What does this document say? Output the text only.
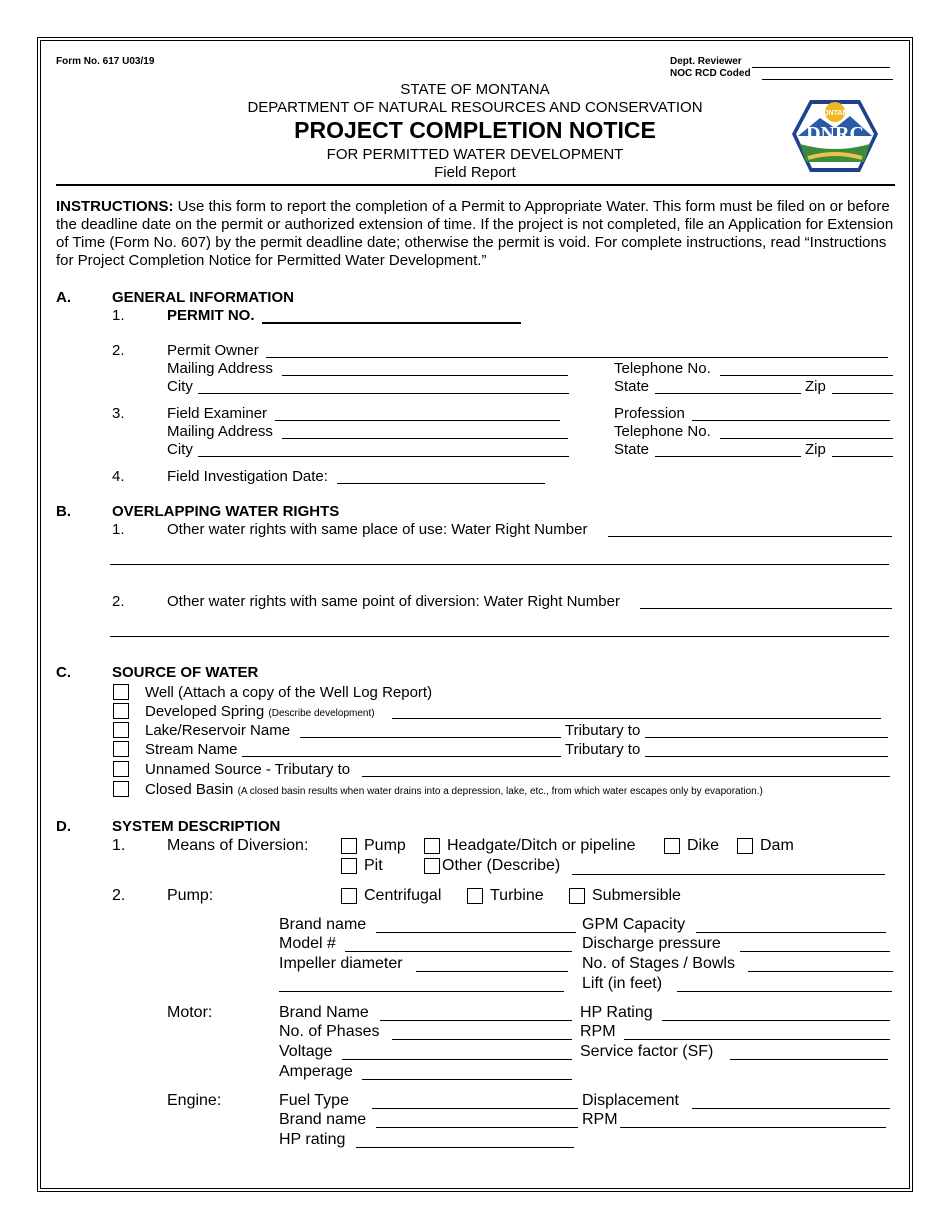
Form No. 617 U03/19	Dept. Reviewer
NOC RCD Coded
STATE OF MONTANA
DEPARTMENT OF NATURAL RESOURCES AND CONSERVATION
PROJECT COMPLETION NOTICE
FOR PERMITTED WATER DEVELOPMENT
Field Report
MONTANA
DNRC
INSTRUCTIONS: Use this form to report the completion of a Permit to Appropriate Water. This form must be filed on or before the deadline date on the permit or authorized extension of time. If the project is not completed, file an Application for Extension of Time (Form No. 607) by the permit deadline date; otherwise the permit is void. For complete instructions, read “Instructions for Project Completion Notice for Permitted Water Development.”
A.	GENERAL INFORMATION
1.	PERMIT NO.
2.	Permit Owner
Mailing Address	Telephone No.
City	State	Zip
3.	Field Examiner	Profession
Mailing Address	Telephone No.
City	State	Zip
4.	Field Investigation Date:
B.	OVERLAPPING WATER RIGHTS
1.	Other water rights with same place of use: Water Right Number
2.	Other water rights with same point of diversion: Water Right Number
C.	SOURCE OF WATER
Well (Attach a copy of the Well Log Report)
Developed Spring (Describe development)
Lake/Reservoir Name	Tributary to
Stream Name	Tributary to
Unnamed Source - Tributary to
Closed Basin (A closed basin results when water drains into a depression, lake, etc., from which water escapes only by evaporation.)
D.	SYSTEM DESCRIPTION
1.	Means of Diversion:	Pump	Headgate/Ditch or pipeline	Dike	Dam
Pit	Other (Describe)
2.	Pump:	Centrifugal	Turbine	Submersible
Brand name	GPM Capacity
Model #	Discharge pressure
Impeller diameter	No. of Stages / Bowls
Lift (in feet)
Motor:	Brand Name	HP Rating
No. of Phases	RPM
Voltage	Service factor (SF)
Amperage
Engine:	Fuel Type	Displacement
Brand name	RPM
HP rating
